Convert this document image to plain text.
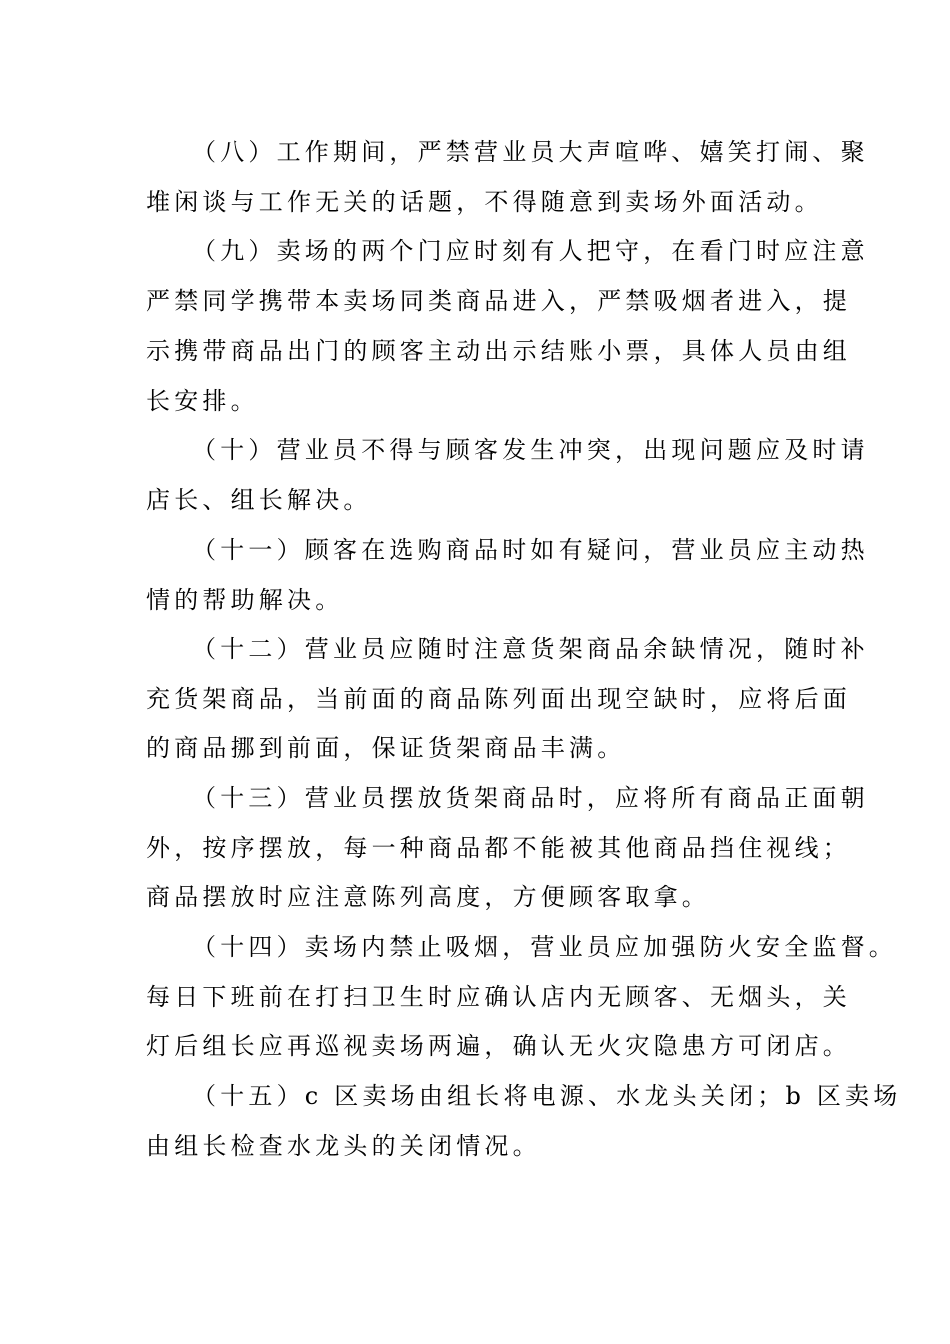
（八）工作期间，严禁营业员大声喧哗、嬉笑打闹、聚
堆闲谈与工作无关的话题，不得随意到卖场外面活动。
（九）卖场的两个门应时刻有人把守，在看门时应注意
严禁同学携带本卖场同类商品进入，严禁吸烟者进入，提
示携带商品出门的顾客主动出示结账小票，具体人员由组
长安排。
（十）营业员不得与顾客发生冲突，出现问题应及时请
店长、组长解决。
（十一）顾客在选购商品时如有疑问，营业员应主动热
情的帮助解决。
（十二）营业员应随时注意货架商品余缺情况，随时补
充货架商品，当前面的商品陈列面出现空缺时，应将后面
的商品挪到前面，保证货架商品丰满。
（十三）营业员摆放货架商品时，应将所有商品正面朝
外，按序摆放，每一种商品都不能被其他商品挡住视线；
商品摆放时应注意陈列高度，方便顾客取拿。
（十四）卖场内禁止吸烟，营业员应加强防火安全监督。
每日下班前在打扫卫生时应确认店内无顾客、无烟头，关
灯后组长应再巡视卖场两遍，确认无火灾隐患方可闭店。
（十五）c 区卖场由组长将电源、水龙头关闭；b 区卖场
由组长检查水龙头的关闭情况。
